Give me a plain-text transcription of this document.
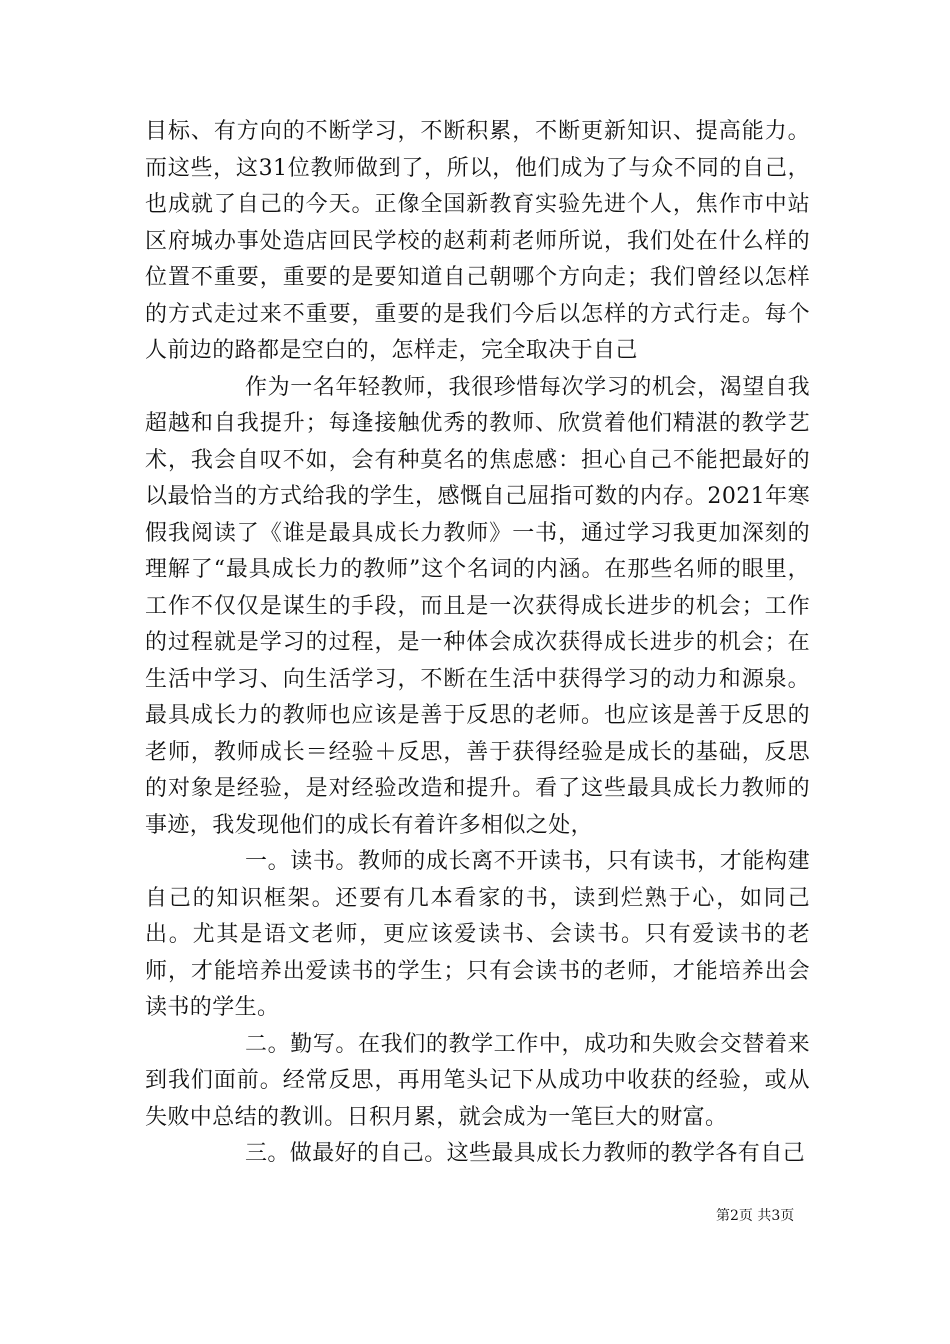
目标、有方向的不断学习，不断积累，不断更新知识、提高能力。而这些，这31位教师做到了，所以，他们成为了与众不同的自己，也成就了自己的今天。正像全国新教育实验先进个人，焦作市中站区府城办事处造店回民学校的赵莉莉老师所说，我们处在什么样的位置不重要，重要的是要知道自己朝哪个方向走；我们曾经以怎样的方式走过来不重要，重要的是我们今后以怎样的方式行走。每个人前边的路都是空白的，怎样走，完全取决于自己

作为一名年轻教师，我很珍惜每次学习的机会，渴望自我超越和自我提升；每逢接触优秀的教师、欣赏着他们精湛的教学艺术，我会自叹不如，会有种莫名的焦虑感：担心自己不能把最好的以最恰当的方式给我的学生，感慨自己屈指可数的内存。2021年寒假我阅读了《谁是最具成长力教师》一书，通过学习我更加深刻的理解了“最具成长力的教师”这个名词的内涵。在那些名师的眼里，工作不仅仅是谋生的手段，而且是一次获得成长进步的机会；工作的过程就是学习的过程，是一种体会成次获得成长进步的机会；在生活中学习、向生活学习，不断在生活中获得学习的动力和源泉。最具成长力的教师也应该是善于反思的老师。也应该是善于反思的老师，教师成长＝经验＋反思，善于获得经验是成长的基础，反思的对象是经验，是对经验改造和提升。看了这些最具成长力教师的事迹，我发现他们的成长有着许多相似之处，

一。读书。教师的成长离不开读书，只有读书，才能构建自己的知识框架。还要有几本看家的书，读到烂熟于心，如同己出。尤其是语文老师，更应该爱读书、会读书。只有爱读书的老师，才能培养出爱读书的学生；只有会读书的老师，才能培养出会读书的学生。

二。勤写。在我们的教学工作中，成功和失败会交替着来到我们面前。经常反思，再用笔头记下从成功中收获的经验，或从失败中总结的教训。日积月累，就会成为一笔巨大的财富。

三。做最好的自己。这些最具成长力教师的教学各有自己

第2页 共3页
